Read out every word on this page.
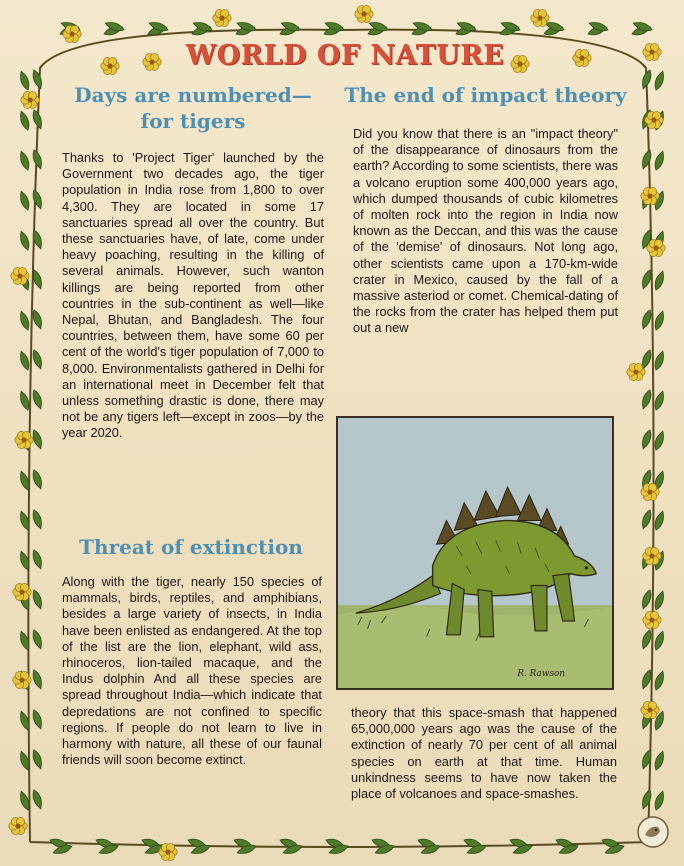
WORLD OF NATURE
Days are numbered— for tigers
Thanks to 'Project Tiger' launched by the Government two decades ago, the tiger population in India rose from 1,800 to over 4,300. They are located in some 17 sanctuaries spread all over the country. But these sanctuaries have, of late, come under heavy poaching, resulting in the killing of several animals. However, such wanton killings are being reported from other countries in the sub-continent as well—like Nepal, Bhutan, and Bangladesh. The four countries, between them, have some 60 per cent of the world's tiger population of 7,000 to 8,000. Environmentalists gathered in Delhi for an international meet in December felt that unless something drastic is done, there may not be any tigers left—except in zoos—by the year 2020.
Threat of extinction
Along with the tiger, nearly 150 species of mammals, birds, reptiles, and amphibians, besides a large variety of insects, in India have been enlisted as endangered. At the top of the list are the lion, elephant, wild ass, rhinoceros, lion-tailed macaque, and the Indus dolphin And all these species are spread throughout India—which indicate that depredations are not confined to specific regions. If people do not learn to live in harmony with nature, all these of our faunal friends will soon become extinct.
The end of impact theory
Did you know that there is an "impact theory" of the disappearance of dinosaurs from the earth? According to some scientists, there was a volcano eruption some 400,000 years ago, which dumped thousands of cubic kilometres of molten rock into the region in India now known as the Deccan, and this was the cause of the 'demise' of dinosaurs. Not long ago, other scientists came upon a 170-km-wide crater in Mexico, caused by the fall of a massive asteriod or comet. Chemical-dating of the rocks from the crater has helped them put out a new
R. Rawson
theory that this space-smash that happened 65,000,000 years ago was the cause of the extinction of nearly 70 per cent of all animal species on earth at that time. Human unkindness seems to have now taken the place of volcanoes and space-smashes.
